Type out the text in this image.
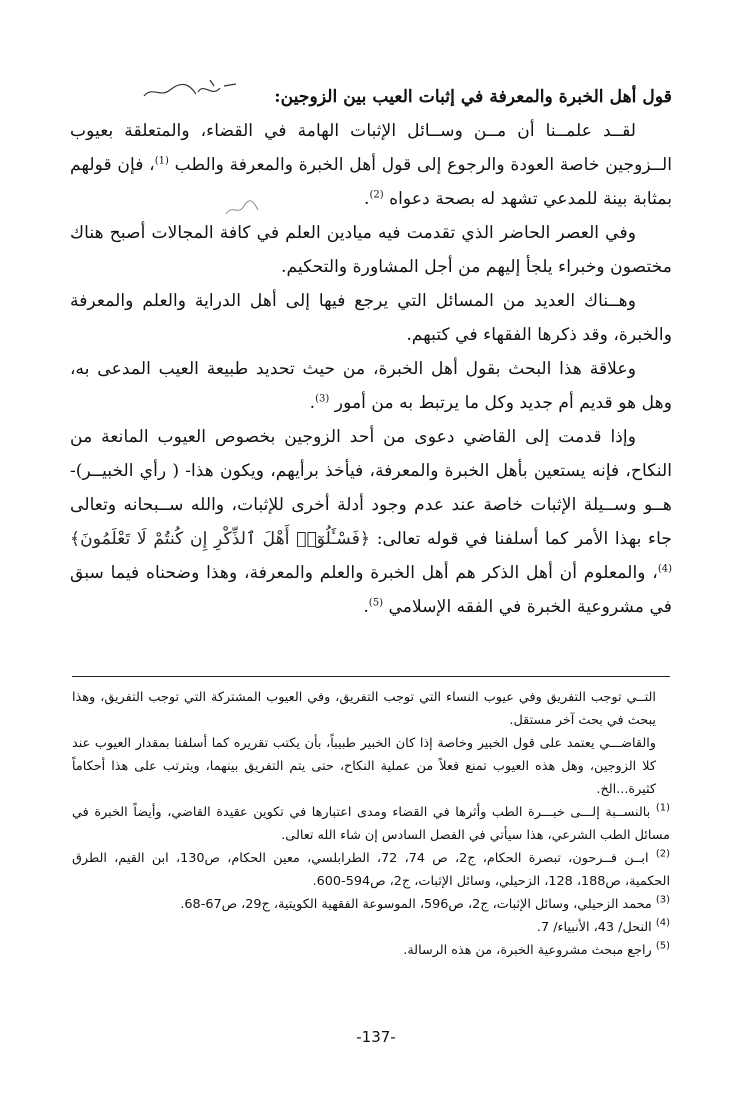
قول أهل الخبرة والمعرفة في إثبات العيب بين الزوجين:

لقــد علمــنا أن مــن وســائل الإثبات الهامة في القضاء، والمتعلقة بعيوب الــزوجين خاصة العودة والرجوع إلى قول أهل الخبرة والمعرفة والطب $^{(1)}$، فإن قولهم بمثابة بينة للمدعي تشهد له بصحة دعواه $^{(2)}$.

وفي العصر الحاضر الذي تقدمت فيه ميادين العلم في كافة المجالات أصبح هناك مختصون وخبراء يلجأ إليهم من أجل المشاورة والتحكيم.

وهــناك العديد من المسائل التي يرجع فيها إلى أهل الدراية والعلم والمعرفة والخبرة، وقد ذكرها الفقهاء في كتبهم.

وعلاقة هذا البحث بقول أهل الخبرة، من حيث تحديد طبيعة العيب المدعى به، وهل هو قديم أم جديد وكل ما يرتبط به من أمور $^{(3)}$.

وإذا قدمت إلى القاضي دعوى من أحد الزوجين بخصوص العيوب المانعة من النكاح، فإنه يستعين بأهل الخبرة والمعرفة، فيأخذ برأيهم، ويكون هذا- ( رأي الخبيــر)- هــو وســيلة الإثبات خاصة عند عدم وجود أدلة أخرى للإثبات، والله ســبحانه وتعالى جاء بهذا الأمر كما أسلفنا في قوله تعالى: ﴿فَسْـَٔلُوٓا۟ أَهْلَ ٱلذِّكْرِ إِن كُنتُمْ لَا تَعْلَمُونَ﴾$^{(4)}$، والمعلوم أن أهل الذكر هم أهل الخبرة والعلم والمعرفة، وهذا وضحناه فيما سبق في مشروعية الخبرة في الفقه الإسلامي $^{(5)}$.

التــي توجب التفريق وفي عيوب النساء التي توجب التفريق، وفي العيوب المشتركة التي توجب التفريق، وهذا يبحث في بحث آخر مستقل.

والقاضـــي يعتمد على قول الخبير وخاصة إذا كان الخبير طبيباً، بأن يكتب تقريره كما أسلفنا بمقدار العيوب عند كلا الزوجين، وهل هذه العيوب تمنع فعلاً من عملية النكاح، حتى يتم التفريق بينهما، ويترتب على هذا أحكاماً كثيرة...الخ.

$^{(1)}$ بالنســبة إلـــى خبـــرة الطب وأثرها في القضاء ومدى اعتبارها في تكوين عقيدة القاضي، وأيضاً الخبرة في مسائل الطب الشرعي، هذا سيأتي في الفصل السادس إن شاء الله تعالى.

$^{(2)}$ ابــن فــرحون، تبصرة الحكام، ج2، ص 74، 72، الطرابلسي، معين الحكام، ص130، ابن القيم، الطرق الحكمية، ص188، 128، الزحيلي، وسائل الإثبات، ج2، ص594-600.

$^{(3)}$ محمد الزحيلي، وسائل الإثبات، ج2، ص596، الموسوعة الفقهية الكويتية، ج29، ص67-68.

$^{(4)}$ النحل/ 43، الأنبياء/ 7.

$^{(5)}$ راجع مبحث مشروعية الخبرة، من هذه الرسالة.

-137-
